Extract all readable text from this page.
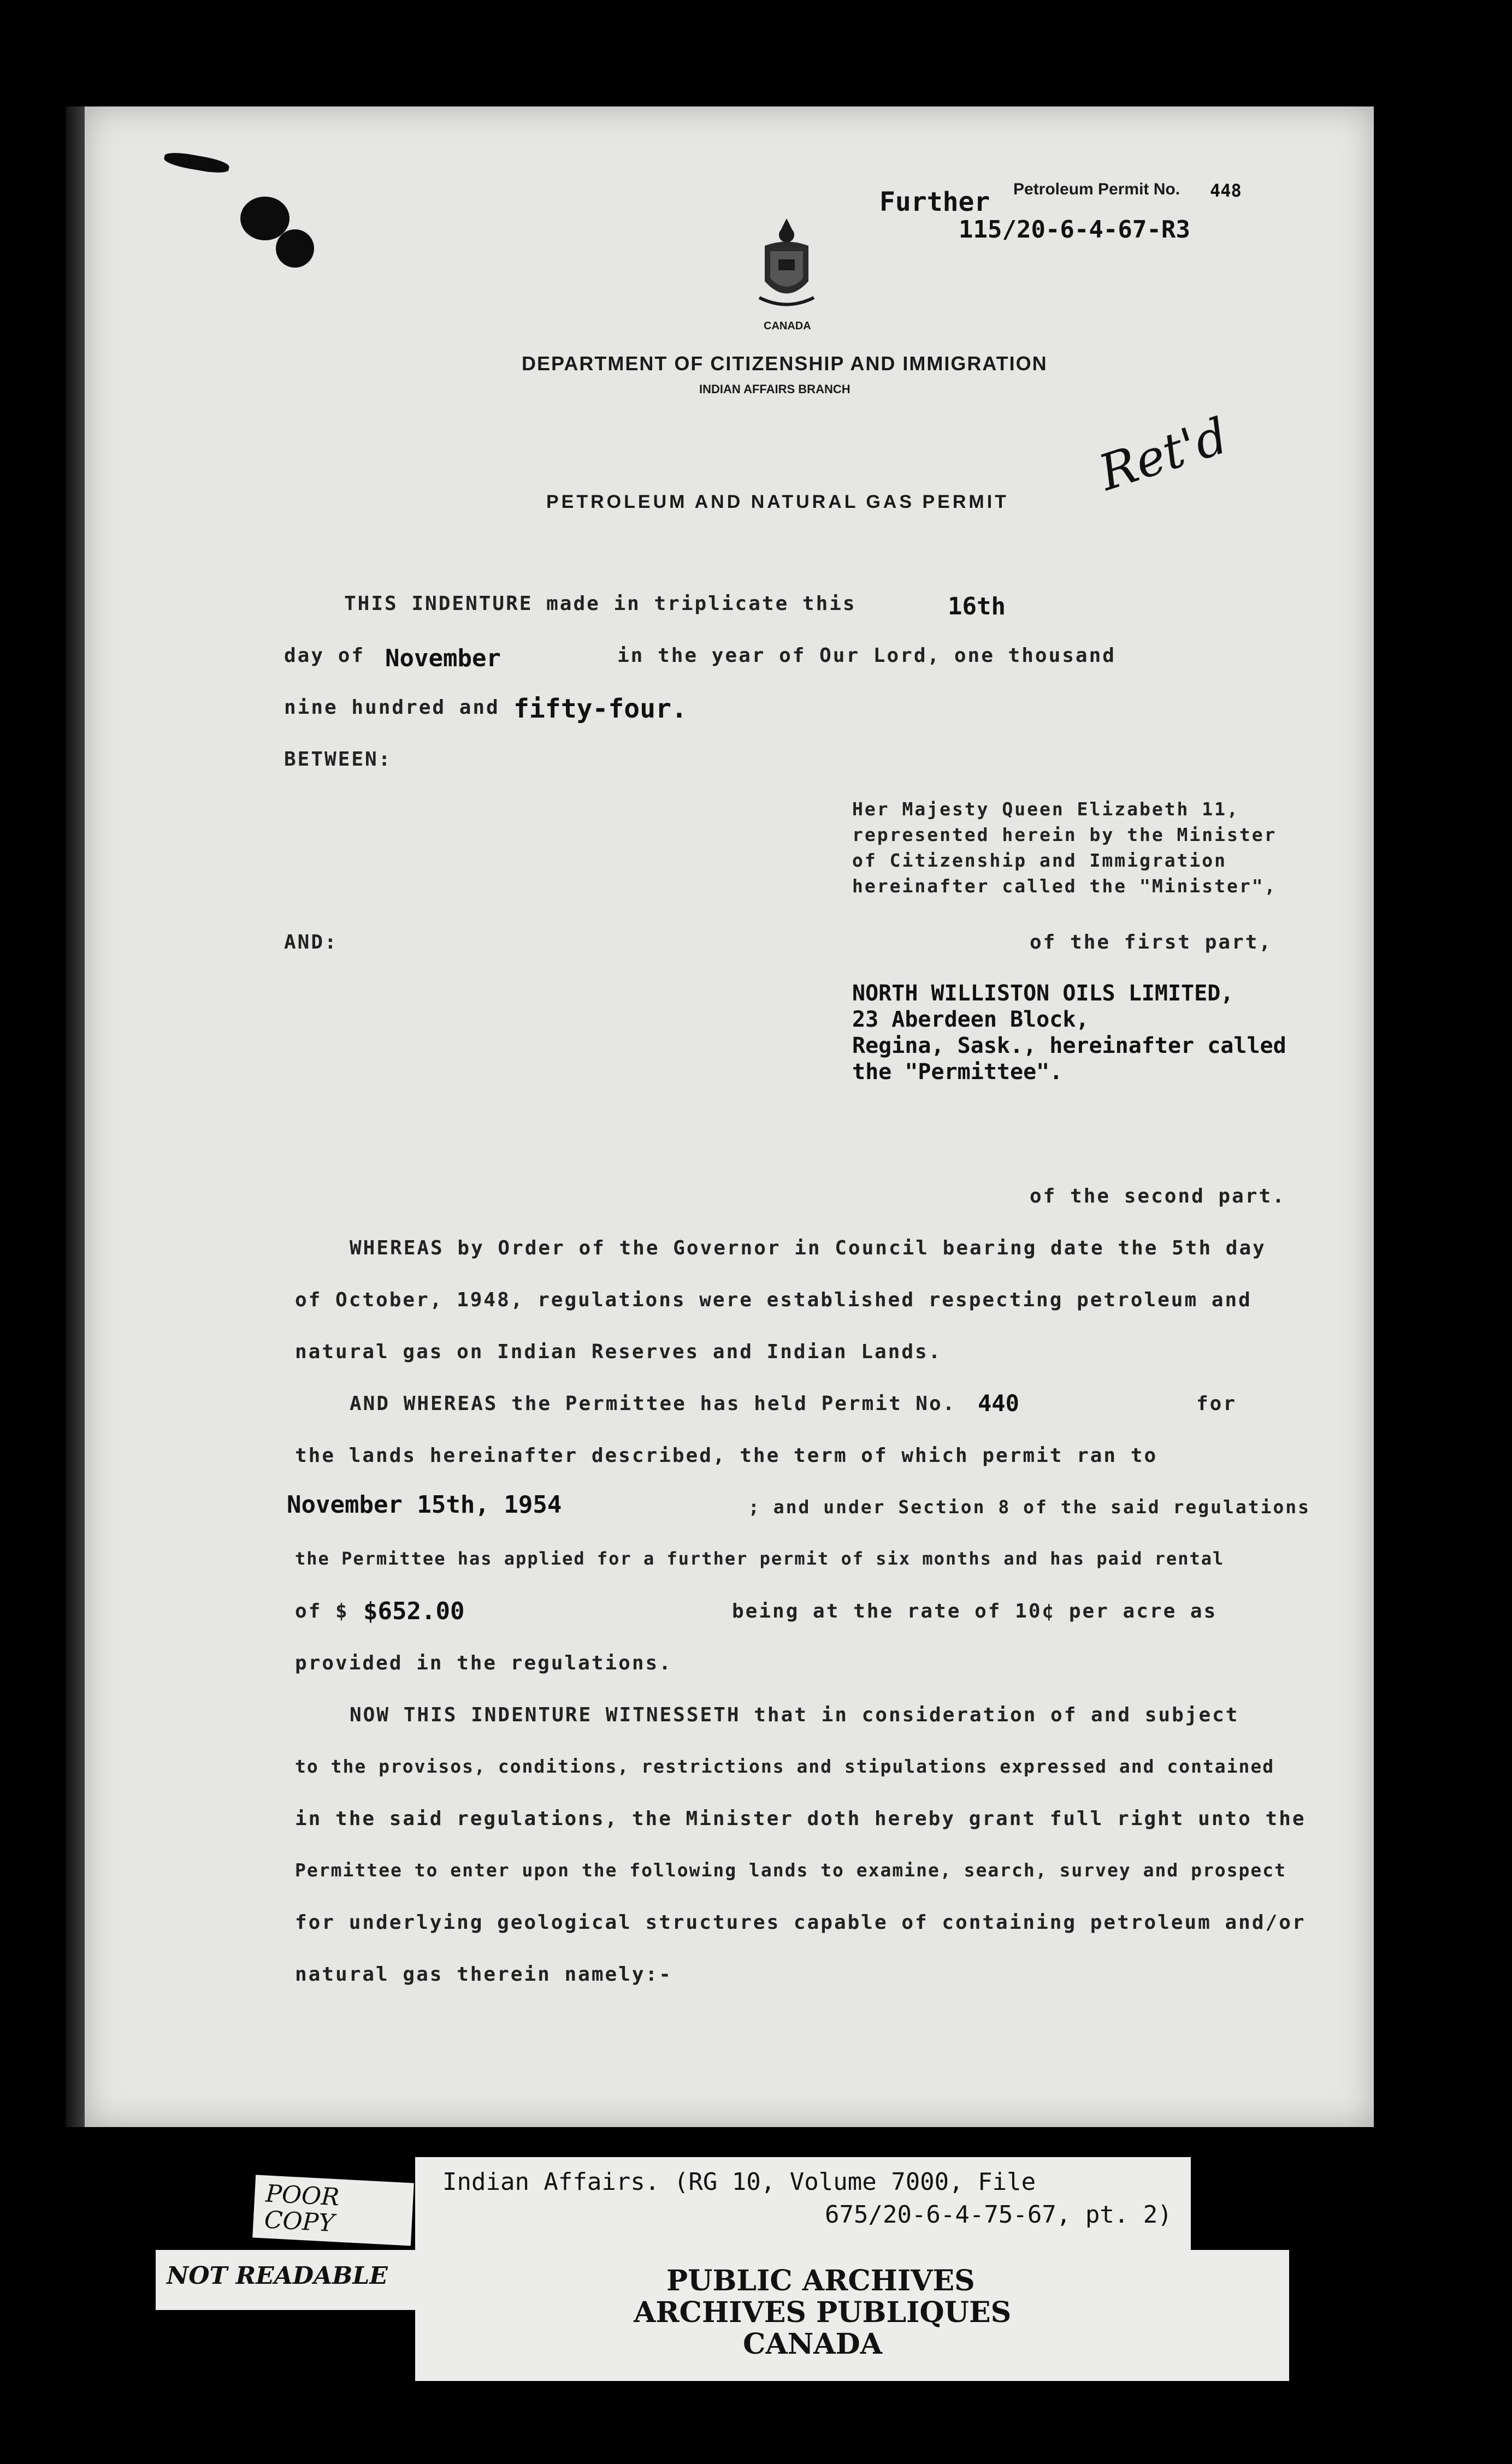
Further Petroleum Permit No. 448

115/20-6-4-67-R3

CANADA

DEPARTMENT OF CITIZENSHIP AND IMMIGRATION

INDIAN AFFAIRS BRANCH

Ret'd

PETROLEUM AND NATURAL GAS PERMIT

THIS INDENTURE made in triplicate this	16th

day of November	in the year of Our Lord, one thousand

nine hundred and fifty-four.

BETWEEN:

Her Majesty Queen Elizabeth 11,

represented herein by the Minister

of Citizenship and Immigration

hereinafter called the "Minister",

AND:	of the first part,

NORTH WILLISTON OILS LIMITED,

23 Aberdeen Block,

Regina, Sask., hereinafter called

the "Permittee".

of the second part.

WHEREAS by Order of the Governor in Council bearing date the 5th day

of October, 1948, regulations were established respecting petroleum and

natural gas on Indian Reserves and Indian Lands.

AND WHEREAS the Permittee has held Permit No. 440	for

the lands hereinafter described, the term of which permit ran to

November 15th, 1954	; and under Section 8 of the said regulations

the Permittee has applied for a further permit of six months and has paid rental

of $ $652.00	being at the rate of 10¢ per acre as

provided in the regulations.

NOW THIS INDENTURE WITNESSETH that in consideration of and subject

to the provisos, conditions, restrictions and stipulations expressed and contained

in the said regulations, the Minister doth hereby grant full right unto the

Permittee to enter upon the following lands to examine, search, survey and prospect

for underlying geological structures capable of containing petroleum and/or

natural gas therein namely:-

POOR COPY

Indian Affairs. (RG 10, Volume 7000, File

675/20-6-4-75-67, pt. 2)

NOT READABLE	PUBLIC ARCHIVES

ARCHIVES PUBLIQUES

CANADA
